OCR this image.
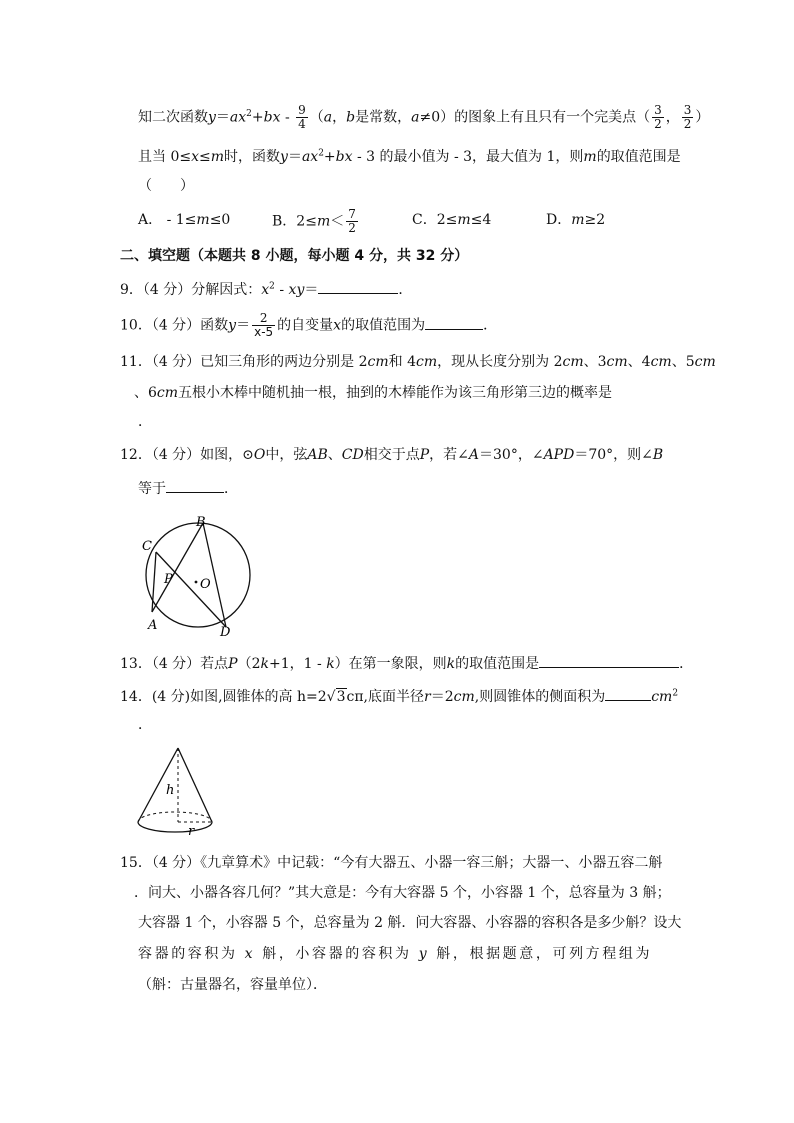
知二次函数$y=ax^2+bx - \frac{9}{4} (a$，b是常数，a≠0）的图象上有且只有一个完美点（ $\frac{3}{2}$ ， $\frac{3}{2}$ ）
且当 0≤x≤m时，函数$y=ax^2+bx - 3$ 的最小值为 - 3，最大值为 1，则m的取值范围是
（　　）
A． - 1≤m≤0	B．$2\le m< \frac{7}{2}$	C．2≤m≤4	D．m≥2
二、填空题（本题共 8 小题，每小题 4 分，共 32 分）
9．（4 分）分解因式：$x^2 - xy=$	．
10．（4 分）函数$y= \frac{2}{x-5}$ 的自变量x的取值范围为	．
11．（4 分）已知三角形的两边分别是 2cm和 4cm，现从长度分别为 2cm、3cm、4cm、5cm
、6cm五根小木棒中随机抽一根，抽到的木棒能作为该三角形第三边的概率是
．
12．（4 分）如图，⊙O中，弦AB、CD相交于点P，若∠A＝30°，∠APD＝70°，则∠B
等于	．
B
C
P O
A	D
13．（4 分）若点P（2k+1，1 - k）在第一象限，则k的取值范围是	．
14．(4 分)如图,圆锥体的高 h=2√3cπ,底面半径r＝2cm,则圆锥体的侧面积为	$cm^2$
．
h
r
15．（4 分）《九章算术》中记载：“今有大器五、小器一容三斛；大器一、小器五容二斛
．问大、小器各容几何？”其大意是：今有大容器 5 个，小容器 1 个，总容量为 3 斛；
大容器 1 个，小容器 5 个，总容量为 2 斛．问大容器、小容器的容积各是多少斛？设大
容器的容积为 x 斛，小容器的容积为 y 斛，根据题意，可列方程组为
（斛：古量器名，容量单位）．
